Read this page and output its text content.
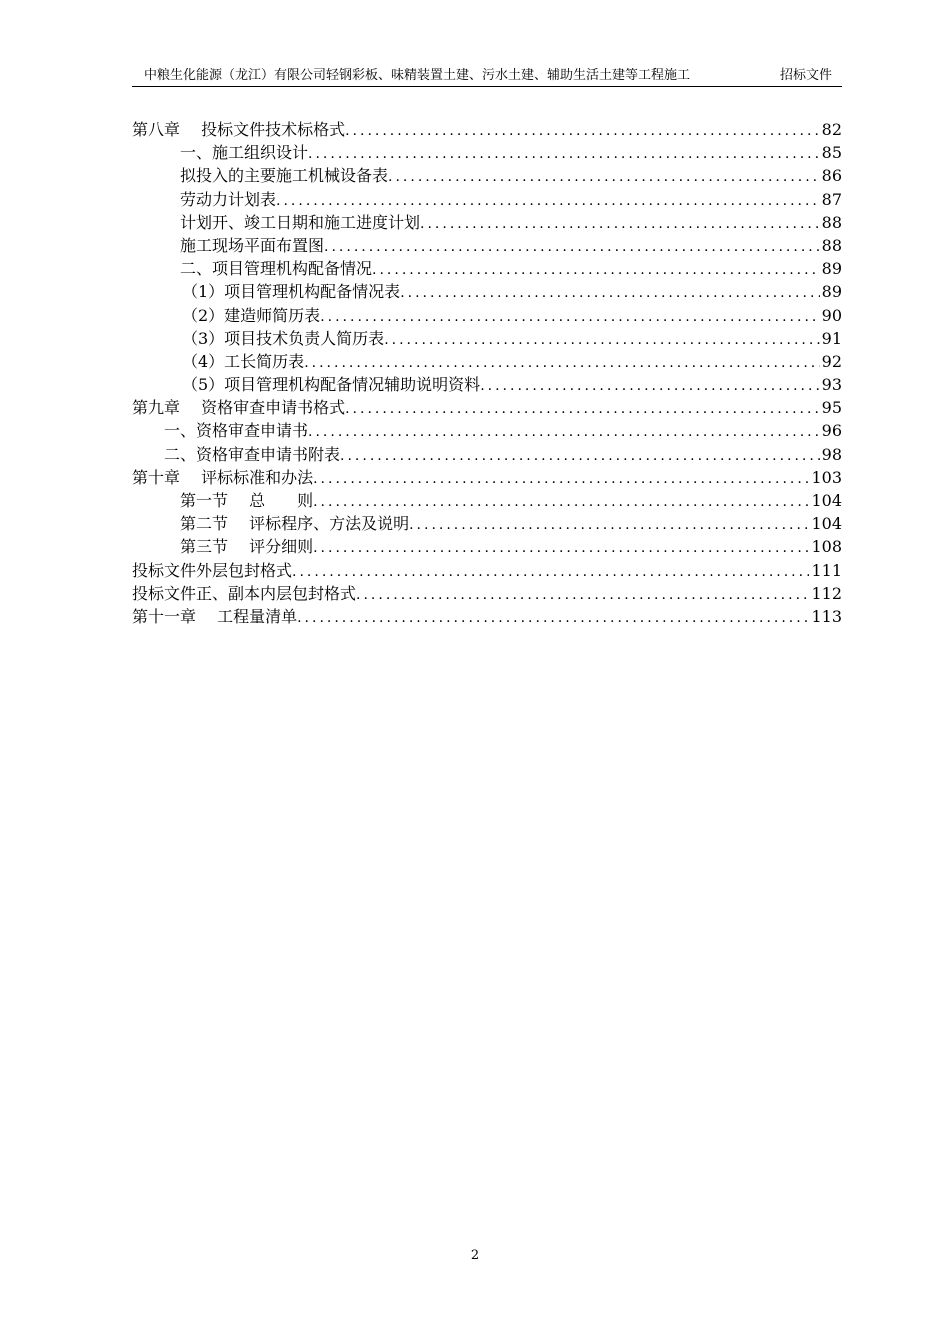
中粮生化能源（龙江）有限公司轻钢彩板、味精装置土建、污水土建、辅助生活土建等工程施工	招标文件
第八章　 投标文件技术标格式 .....	82
一、施工组织设计 .....	85
拟投入的主要施工机械设备表 .....	86
劳动力计划表 .....	87
计划开、竣工日期和施工进度计划 .....	88
施工现场平面布置图 .....	88
二、项目管理机构配备情况 .....	89
（1）项目管理机构配备情况表 .....	89
（2）建造师简历表 .....	90
（3）项目技术负责人简历表 .....	91
（4）工长简历表 .....	92
（5）项目管理机构配备情况辅助说明资料 .....	93
第九章　 资格审查申请书格式 .....	95
一、资格审查申请书 .....	96
二、资格审查申请书附表 .....	98
第十章　 评标标准和办法 .....	103
第一节　 总　　则 .....	104
第二节　 评标程序、方法及说明 .....	104
第三节　 评分细则 .....	108
投标文件外层包封格式 .....	111
投标文件正、副本内层包封格式 .....	112
第十一章　 工程量清单 .....	113
2
